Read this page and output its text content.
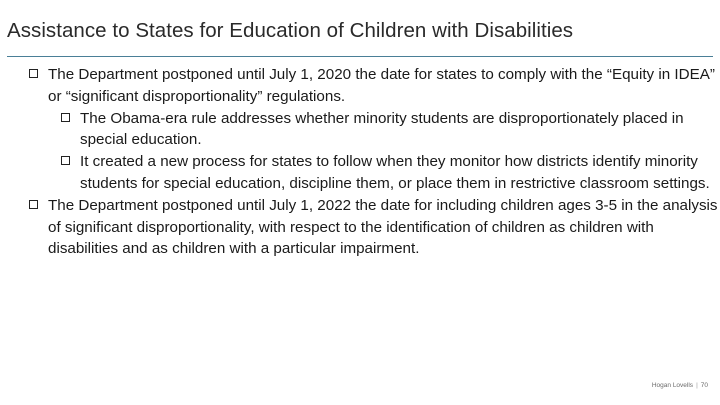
Assistance to States for Education of Children with Disabilities
The Department postponed until July 1, 2020 the date for states to comply with the “Equity in IDEA” or “significant disproportionality” regulations.
The Obama-era rule addresses whether minority students are disproportionately placed in special education.
It created a new process for states to follow when they monitor how districts identify minority students for special education, discipline them, or place them in restrictive classroom settings.
The Department postponed until July 1, 2022 the date for including children ages 3-5 in the analysis of significant disproportionality, with respect to the identification of children as children with disabilities and as children with a particular impairment.
Hogan Lovells | 70
